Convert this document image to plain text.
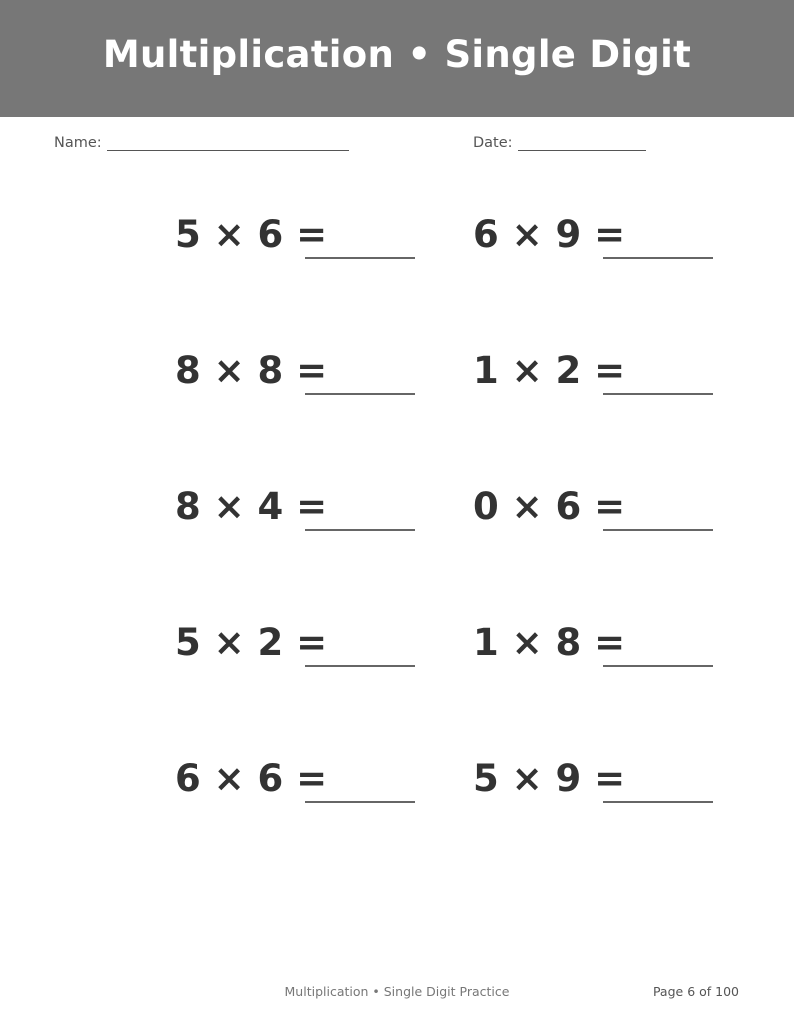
Multiplication • Single Digit
Name:	Date:
5 × 6 =	6 × 9 =
8 × 8 =	1 × 2 =
8 × 4 =	0 × 6 =
5 × 2 =	1 × 8 =
6 × 6 =	5 × 9 =
Multiplication • Single Digit Practice	Page 6 of 100
